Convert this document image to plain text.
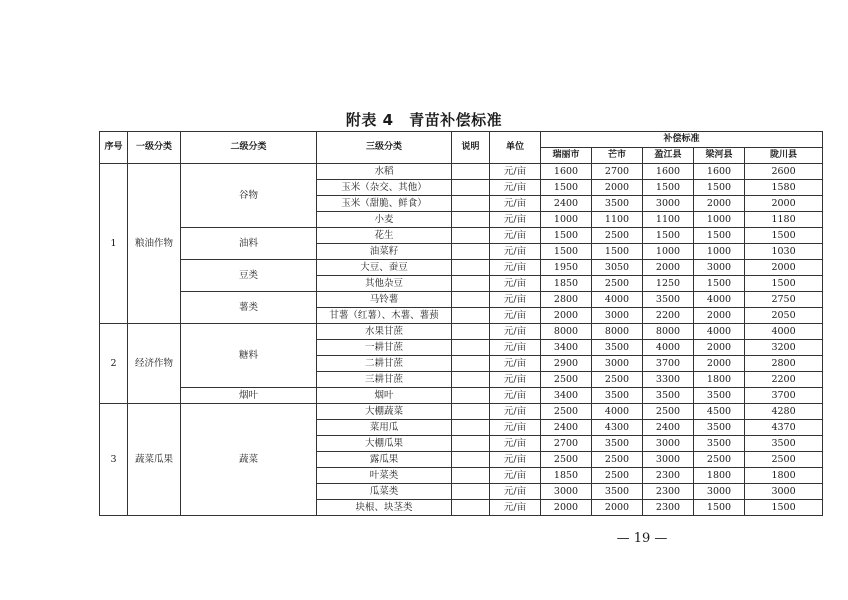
附表 4　青苗补偿标准
序号	一级分类	二级分类	三级分类	说明	单位	补偿标准				
						瑞丽市	芒市	盈江县	梁河县	陇川县
1	粮油作物	谷物	水稻		元/亩	1600	2700	1600	1600	2600
			玉米（杂交、其他）		元/亩	1500	2000	1500	1500	1580
			玉米（甜脆、鲜食）		元/亩	2400	3500	3000	2000	2000
			小麦		元/亩	1000	1100	1100	1000	1180
		油料	花生		元/亩	1500	2500	1500	1500	1500
			油菜籽		元/亩	1500	1500	1000	1000	1030
		豆类	大豆、蚕豆		元/亩	1950	3050	2000	3000	2000
			其他杂豆		元/亩	1850	2500	1250	1500	1500
		薯类	马铃薯		元/亩	2800	4000	3500	4000	2750
			甘薯（红薯）、木薯、薯蓣		元/亩	2000	3000	2200	2000	2050
2	经济作物	糖料	水果甘蔗		元/亩	8000	8000	8000	4000	4000
			一耕甘蔗		元/亩	3400	3500	4000	2000	3200
			二耕甘蔗		元/亩	2900	3000	3700	2000	2800
			三耕甘蔗		元/亩	2500	2500	3300	1800	2200
		烟叶	烟叶		元/亩	3400	3500	3500	3500	3700
3	蔬菜瓜果	蔬菜	大棚蔬菜		元/亩	2500	4000	2500	4500	4280
			菜用瓜		元/亩	2400	4300	2400	3500	4370
			大棚瓜果		元/亩	2700	3500	3000	3500	3500
			露瓜果		元/亩	2500	2500	3000	2500	2500
			叶菜类		元/亩	1850	2500	2300	1800	1800
			瓜菜类		元/亩	3000	3500	2300	3000	3000
			块根、块茎类		元/亩	2000	2000	2300	1500	1500
— 19 —
